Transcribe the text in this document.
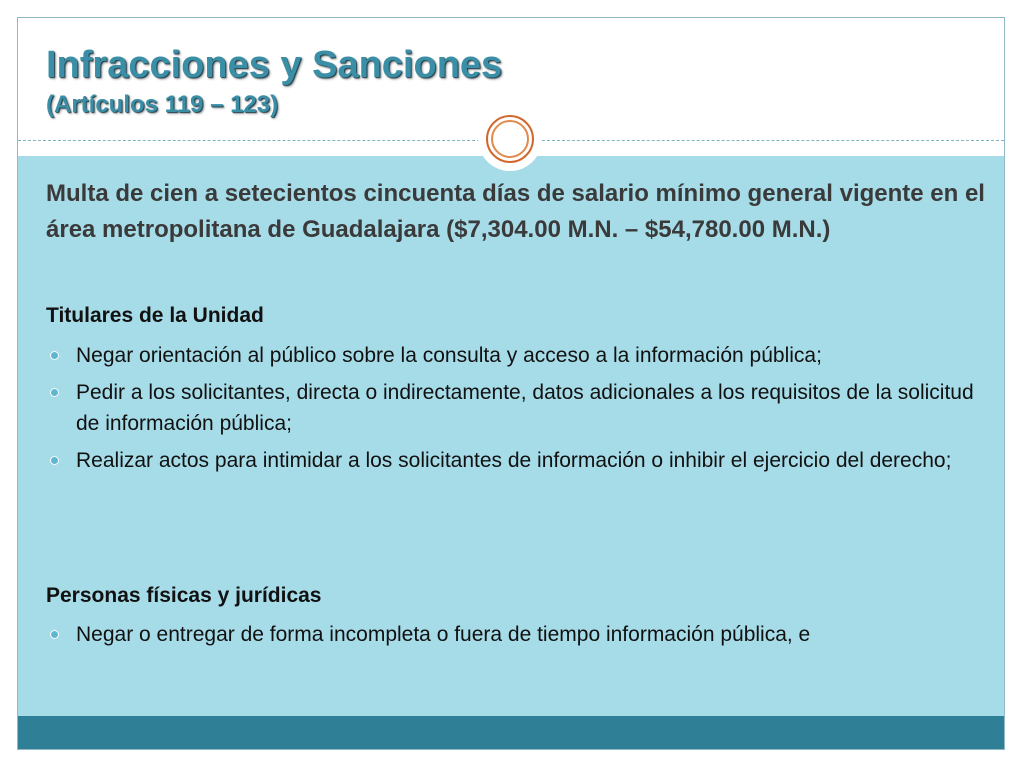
Infracciones y Sanciones
(Artículos 119 – 123)

Multa de cien a setecientos cincuenta días de salario mínimo general vigente en el área metropolitana de Guadalajara ($7,304.00 M.N. – $54,780.00 M.N.)

Titulares de la Unidad
Negar orientación al público sobre la consulta y acceso a la información pública;
Pedir a los solicitantes, directa o indirectamente, datos adicionales a los requisitos de la solicitud de información pública;
Realizar actos para intimidar a los solicitantes de información o inhibir el ejercicio del derecho;
Personas físicas y jurídicas
Negar o entregar de forma incompleta o fuera de tiempo información pública, e
